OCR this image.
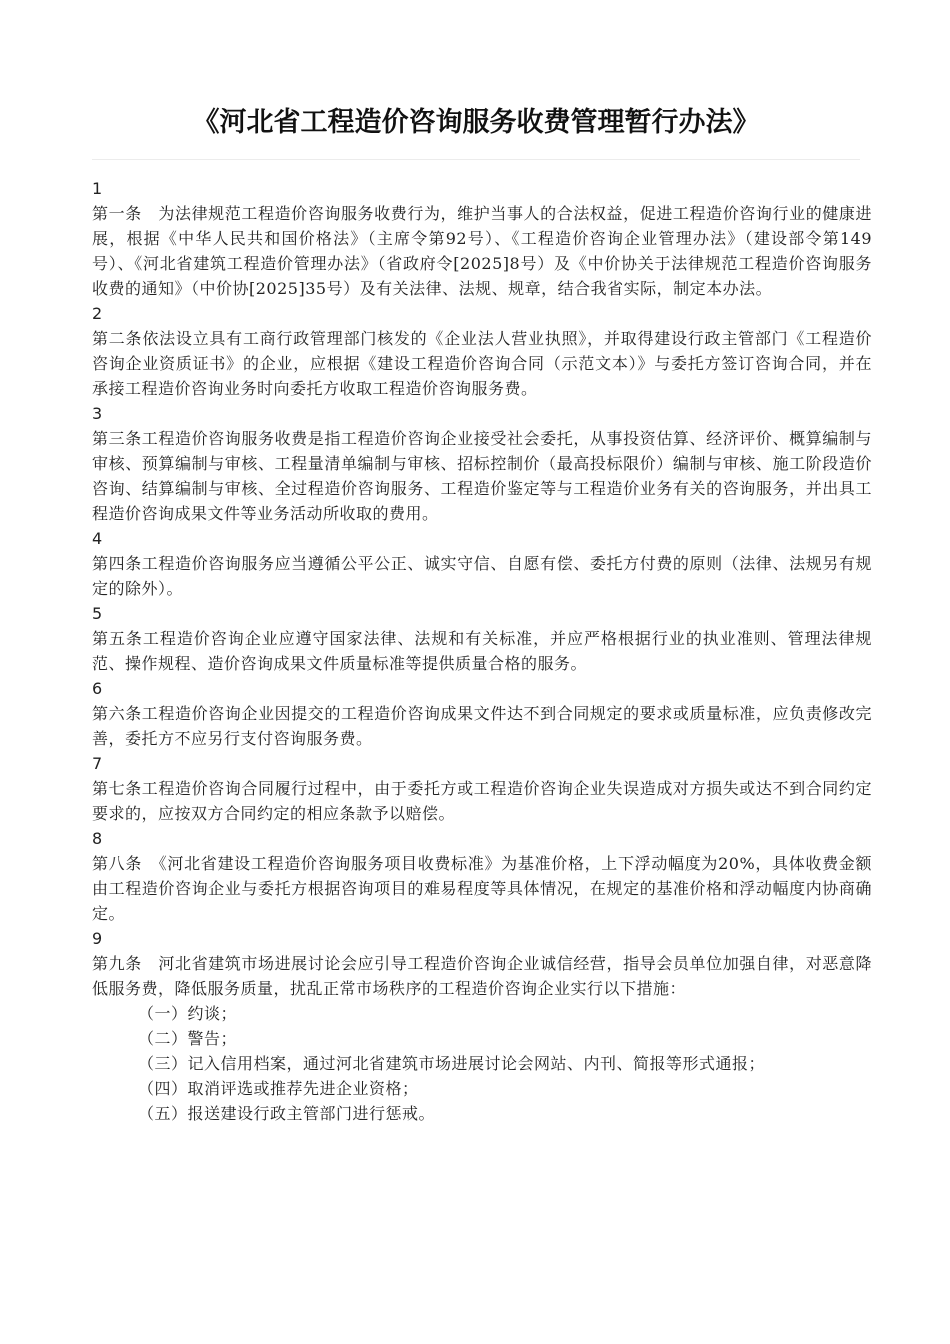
《河北省工程造价咨询服务收费管理暂行办法》
1

第一条　为法律规范工程造价咨询服务收费行为，维护当事人的合法权益，促进工程造价咨询行业的健康进展，根据《中华人民共和国价格法》（主席令第92号）、《工程造价咨询企业管理办法》（建设部令第149号）、《河北省建筑工程造价管理办法》（省政府令[2025]8号）及《中价协关于法律规范工程造价咨询服务收费的通知》（中价协[2025]35号）及有关法律、法规、规章，结合我省实际，制定本办法。

2

第二条依法设立具有工商行政管理部门核发的《企业法人营业执照》，并取得建设行政主管部门《工程造价咨询企业资质证书》的企业，应根据《建设工程造价咨询合同（示范文本）》与委托方签订咨询合同，并在承接工程造价咨询业务时向委托方收取工程造价咨询服务费。

3

第三条工程造价咨询服务收费是指工程造价咨询企业接受社会委托，从事投资估算、经济评价、概算编制与审核、预算编制与审核、工程量清单编制与审核、招标控制价（最高投标限价）编制与审核、施工阶段造价咨询、结算编制与审核、全过程造价咨询服务、工程造价鉴定等与工程造价业务有关的咨询服务，并出具工程造价咨询成果文件等业务活动所收取的费用。

4

第四条工程造价咨询服务应当遵循公平公正、诚实守信、自愿有偿、委托方付费的原则（法律、法规另有规定的除外）。

5

第五条工程造价咨询企业应遵守国家法律、法规和有关标准，并应严格根据行业的执业准则、管理法律规范、操作规程、造价咨询成果文件质量标准等提供质量合格的服务。

6

第六条工程造价咨询企业因提交的工程造价咨询成果文件达不到合同规定的要求或质量标准，应负责修改完善，委托方不应另行支付咨询服务费。

7

第七条工程造价咨询合同履行过程中，由于委托方或工程造价咨询企业失误造成对方损失或达不到合同约定要求的，应按双方合同约定的相应条款予以赔偿。

8

第八条　《河北省建设工程造价咨询服务项目收费标准》为基准价格，上下浮动幅度为20%，具体收费金额由工程造价咨询企业与委托方根据咨询项目的难易程度等具体情况，在规定的基准价格和浮动幅度内协商确定。

9

第九条　河北省建筑市场进展讨论会应引导工程造价咨询企业诚信经营，指导会员单位加强自律，对恶意降低服务费，降低服务质量，扰乱正常市场秩序的工程造价咨询企业实行以下措施：

（一）约谈；
（二）警告；
（三）记入信用档案，通过河北省建筑市场进展讨论会网站、内刊、简报等形式通报；
（四）取消评选或推荐先进企业资格；
（五）报送建设行政主管部门进行惩戒。
